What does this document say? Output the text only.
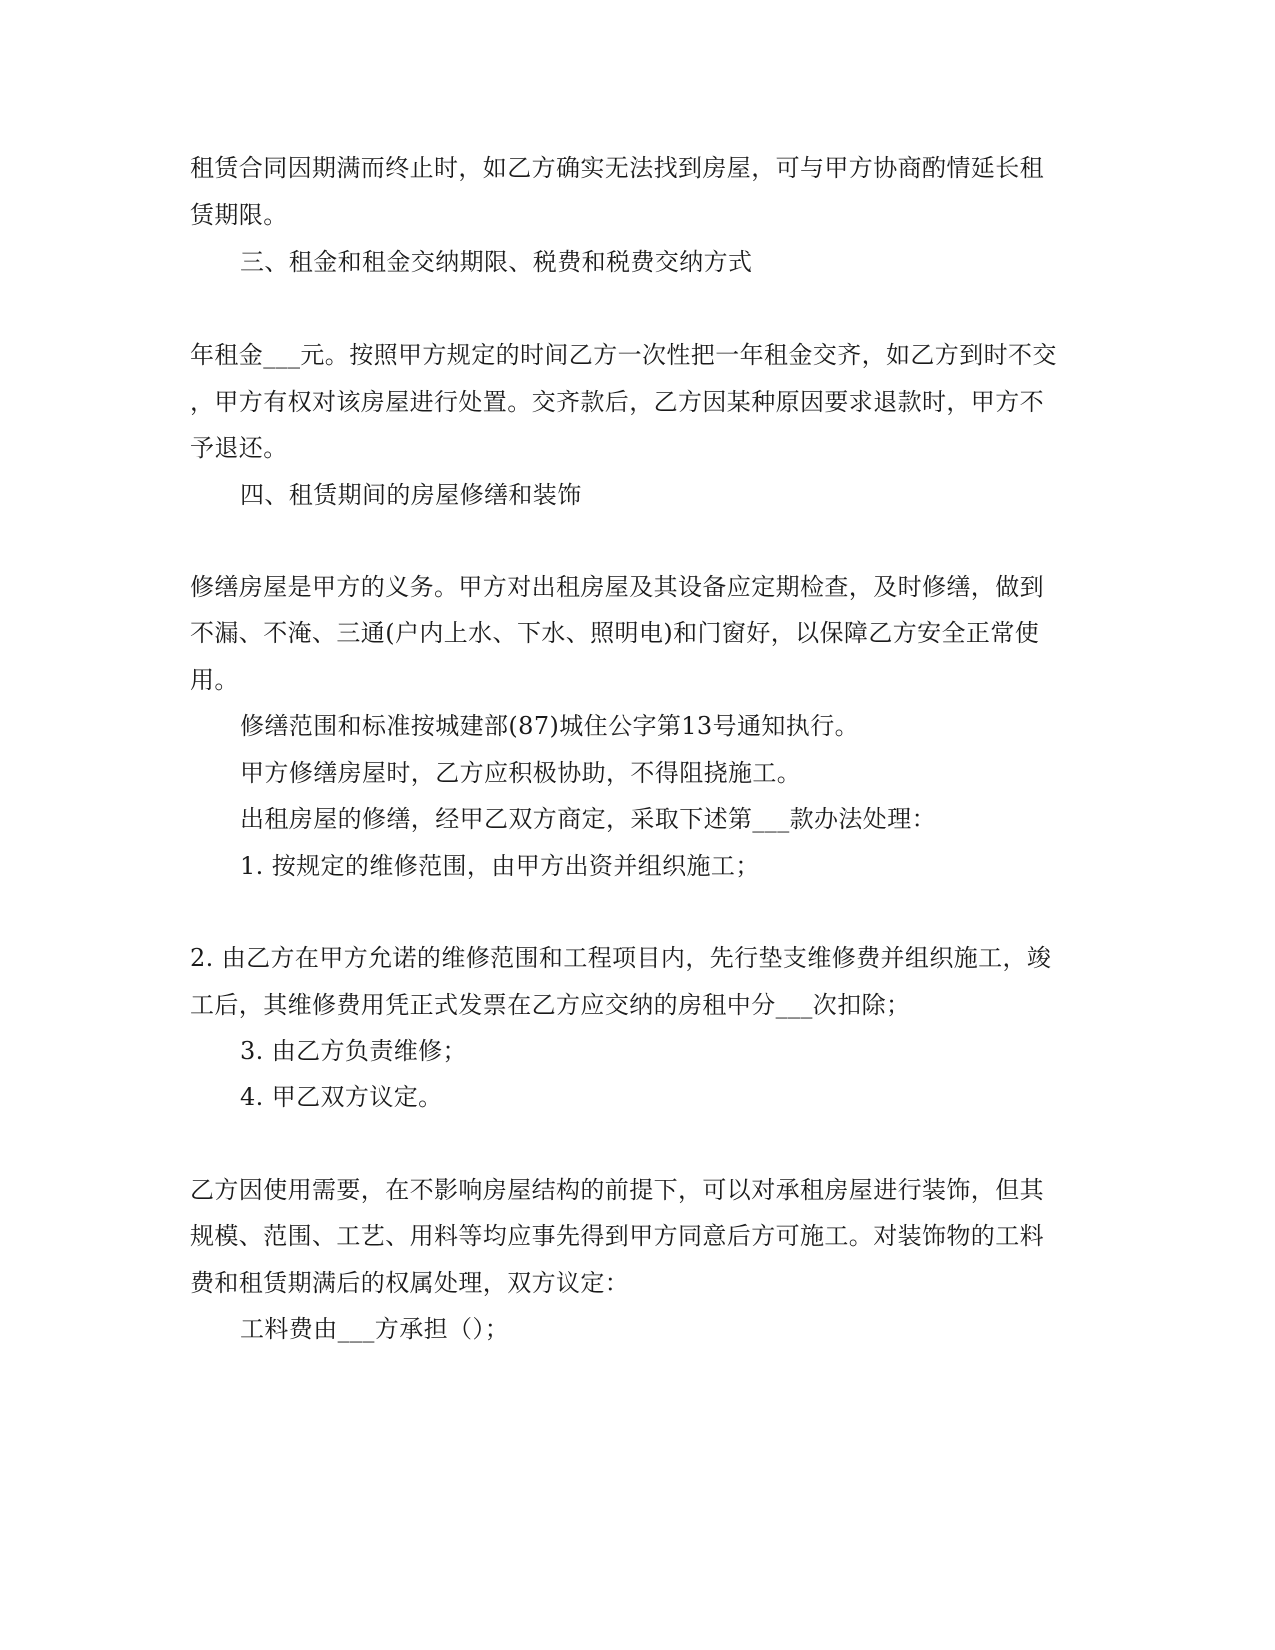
租赁合同因期满而终止时，如乙方确实无法找到房屋，可与甲方协商酌情延长租
赁期限。
三、租金和租金交纳期限、税费和税费交纳方式
年租金___元。按照甲方规定的时间乙方一次性把一年租金交齐，如乙方到时不交
，甲方有权对该房屋进行处置。交齐款后，乙方因某种原因要求退款时，甲方不
予退还。
四、租赁期间的房屋修缮和装饰
修缮房屋是甲方的义务。甲方对出租房屋及其设备应定期检查，及时修缮，做到
不漏、不淹、三通(户内上水、下水、照明电)和门窗好，以保障乙方安全正常使
用。
修缮范围和标准按城建部(87)城住公字第13号通知执行。
甲方修缮房屋时，乙方应积极协助，不得阻挠施工。
出租房屋的修缮，经甲乙双方商定，采取下述第___款办法处理：
1. 按规定的维修范围，由甲方出资并组织施工；
2. 由乙方在甲方允诺的维修范围和工程项目内，先行垫支维修费并组织施工，竣
工后，其维修费用凭正式发票在乙方应交纳的房租中分___次扣除；
3. 由乙方负责维修；
4. 甲乙双方议定。
乙方因使用需要，在不影响房屋结构的前提下，可以对承租房屋进行装饰，但其
规模、范围、工艺、用料等均应事先得到甲方同意后方可施工。对装饰物的工料
费和租赁期满后的权属处理，双方议定：
工料费由___方承担（）；
